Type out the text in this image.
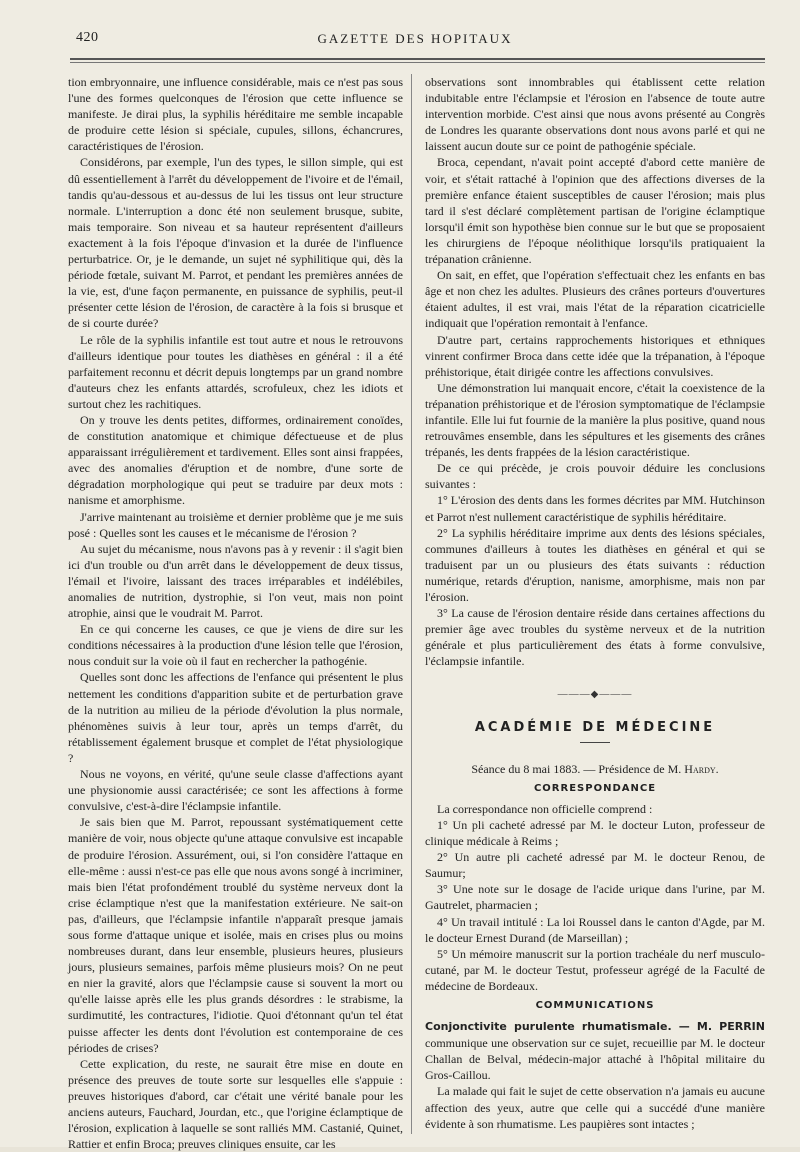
420	GAZETTE DES HOPITAUX

tion embryonnaire, une influence considérable, mais ce n'est pas sous l'une des formes quelconques de l'érosion que cette influence se manifeste. Je dirai plus, la syphilis héréditaire me semble incapable de produire cette lésion si spéciale, cupules, sillons, échancrures, caractéristiques de l'érosion.

Considérons, par exemple, l'un des types, le sillon simple, qui est dû essentiellement à l'arrêt du développement de l'ivoire et de l'émail, tandis qu'au-dessous et au-dessus de lui les tissus ont leur structure normale. L'interruption a donc été non seulement brusque, subite, mais temporaire. Son niveau et sa hauteur représentent d'ailleurs exactement à la fois l'époque d'invasion et la durée de l'influence perturbatrice. Or, je le demande, un sujet né syphilitique qui, dès la période fœtale, suivant M. Parrot, et pendant les premières années de la vie, est, d'une façon permanente, en puissance de syphilis, peut-il présenter cette lésion de l'érosion, de caractère à la fois si brusque et de si courte durée?

Le rôle de la syphilis infantile est tout autre et nous le retrouvons d'ailleurs identique pour toutes les diathèses en général : il a été parfaitement reconnu et décrit depuis longtemps par un grand nombre d'auteurs chez les enfants attardés, scrofuleux, chez les idiots et surtout chez les rachitiques.

On y trouve les dents petites, difformes, ordinairement conoïdes, de constitution anatomique et chimique défectueuse et de plus apparaissant irrégulièrement et tardivement. Elles sont ainsi frappées, avec des anomalies d'éruption et de nombre, d'une sorte de dégradation morphologique qui peut se traduire par deux mots : nanisme et amorphisme.

J'arrive maintenant au troisième et dernier problème que je me suis posé : Quelles sont les causes et le mécanisme de l'érosion ?

Au sujet du mécanisme, nous n'avons pas à y revenir : il s'agit bien ici d'un trouble ou d'un arrêt dans le développement de deux tissus, l'émail et l'ivoire, laissant des traces irréparables et indélébiles, anomalies de nutrition, dystrophie, si l'on veut, mais non point atrophie, ainsi que le voudrait M. Parrot.

En ce qui concerne les causes, ce que je viens de dire sur les conditions nécessaires à la production d'une lésion telle que l'érosion, nous conduit sur la voie où il faut en rechercher la pathogénie.

Quelles sont donc les affections de l'enfance qui présentent le plus nettement les conditions d'apparition subite et de perturbation grave de la nutrition au milieu de la période d'évolution la plus normale, phénomènes suivis à leur tour, après un temps d'arrêt, du rétablissement également brusque et complet de l'état physiologique ?

Nous ne voyons, en vérité, qu'une seule classe d'affections ayant une physionomie aussi caractérisée; ce sont les affections à forme convulsive, c'est-à-dire l'éclampsie infantile.

Je sais bien que M. Parrot, repoussant systématiquement cette manière de voir, nous objecte qu'une attaque convulsive est incapable de produire l'érosion. Assurément, oui, si l'on considère l'attaque en elle-même : aussi n'est-ce pas elle que nous avons songé à incriminer, mais bien l'état profondément troublé du système nerveux dont la crise éclamptique n'est que la manifestation extérieure. Ne sait-on pas, d'ailleurs, que l'éclampsie infantile n'apparaît presque jamais sous forme d'attaque unique et isolée, mais en crises plus ou moins nombreuses durant, dans leur ensemble, plusieurs heures, plusieurs jours, plusieurs semaines, parfois même plusieurs mois? On ne peut en nier la gravité, alors que l'éclampsie cause si souvent la mort ou qu'elle laisse après elle les plus grands désordres : le strabisme, la surdimutité, les contractures, l'idiotie. Quoi d'étonnant qu'un tel état puisse affecter les dents dont l'évolution est contemporaine de ces périodes de crises?

Cette explication, du reste, ne saurait être mise en doute en présence des preuves de toute sorte sur lesquelles elle s'appuie : preuves historiques d'abord, car c'était une vérité banale pour les anciens auteurs, Fauchard, Jourdan, etc., que l'origine éclamptique de l'érosion, explication à laquelle se sont ralliés MM. Castanié, Quinet, Rattier et enfin Broca; preuves cliniques ensuite, car les

observations sont innombrables qui établissent cette relation indubitable entre l'éclampsie et l'érosion en l'absence de toute autre intervention morbide. C'est ainsi que nous avons présenté au Congrès de Londres les quarante observations dont nous avons parlé et qui ne laissent aucun doute sur ce point de pathogénie spéciale.

Broca, cependant, n'avait point accepté d'abord cette manière de voir, et s'était rattaché à l'opinion que des affections diverses de la première enfance étaient susceptibles de causer l'érosion; mais plus tard il s'est déclaré complètement partisan de l'origine éclamptique lorsqu'il émit son hypothèse bien connue sur le but que se proposaient les chirurgiens de l'époque néolithique lorsqu'ils pratiquaient la trépanation crânienne.

On sait, en effet, que l'opération s'effectuait chez les enfants en bas âge et non chez les adultes. Plusieurs des crânes porteurs d'ouvertures étaient adultes, il est vrai, mais l'état de la réparation cicatricielle indiquait que l'opération remontait à l'enfance.

D'autre part, certains rapprochements historiques et ethniques vinrent confirmer Broca dans cette idée que la trépanation, à l'époque préhistorique, était dirigée contre les affections convulsives.

Une démonstration lui manquait encore, c'était la coexistence de la trépanation préhistorique et de l'érosion symptomatique de l'éclampsie infantile. Elle lui fut fournie de la manière la plus positive, quand nous retrouvâmes ensemble, dans les sépultures et les gisements des crânes trépanés, les dents frappées de la lésion caractéristique.

De ce qui précède, je crois pouvoir déduire les conclusions suivantes :

1° L'érosion des dents dans les formes décrites par MM. Hutchinson et Parrot n'est nullement caractéristique de syphilis héréditaire.

2° La syphilis héréditaire imprime aux dents des lésions spéciales, communes d'ailleurs à toutes les diathèses en général et qui se traduisent par un ou plusieurs des états suivants : réduction numérique, retards d'éruption, nanisme, amorphisme, mais non par l'érosion.

3° La cause de l'érosion dentaire réside dans certaines affections du premier âge avec troubles du système nerveux et de la nutrition générale et plus particulièrement des états à forme convulsive, l'éclampsie infantile.

———◆———
ACADÉMIE DE MÉDECINE

Séance du 8 mai 1883. — Présidence de M. Hardy.

CORRESPONDANCE

La correspondance non officielle comprend :

1° Un pli cacheté adressé par M. le docteur Luton, professeur de clinique médicale à Reims ;

2° Un autre pli cacheté adressé par M. le docteur Renou, de Saumur;

3° Une note sur le dosage de l'acide urique dans l'urine, par M. Gautrelet, pharmacien ;

4° Un travail intitulé : La loi Roussel dans le canton d'Agde, par M. le docteur Ernest Durand (de Marseillan) ;

5° Un mémoire manuscrit sur la portion trachéale du nerf musculo-cutané, par M. le docteur Testut, professeur agrégé de la Faculté de médecine de Bordeaux.

COMMUNICATIONS

Conjonctivite purulente rhumatismale. — M. PERRIN communique une observation sur ce sujet, recueillie par M. le docteur Challan de Belval, médecin-major attaché à l'hôpital militaire du Gros-Caillou.

La malade qui fait le sujet de cette observation n'a jamais eu aucune affection des yeux, autre que celle qui a succédé d'une manière évidente à son rhumatisme. Les paupières sont intactes ;
